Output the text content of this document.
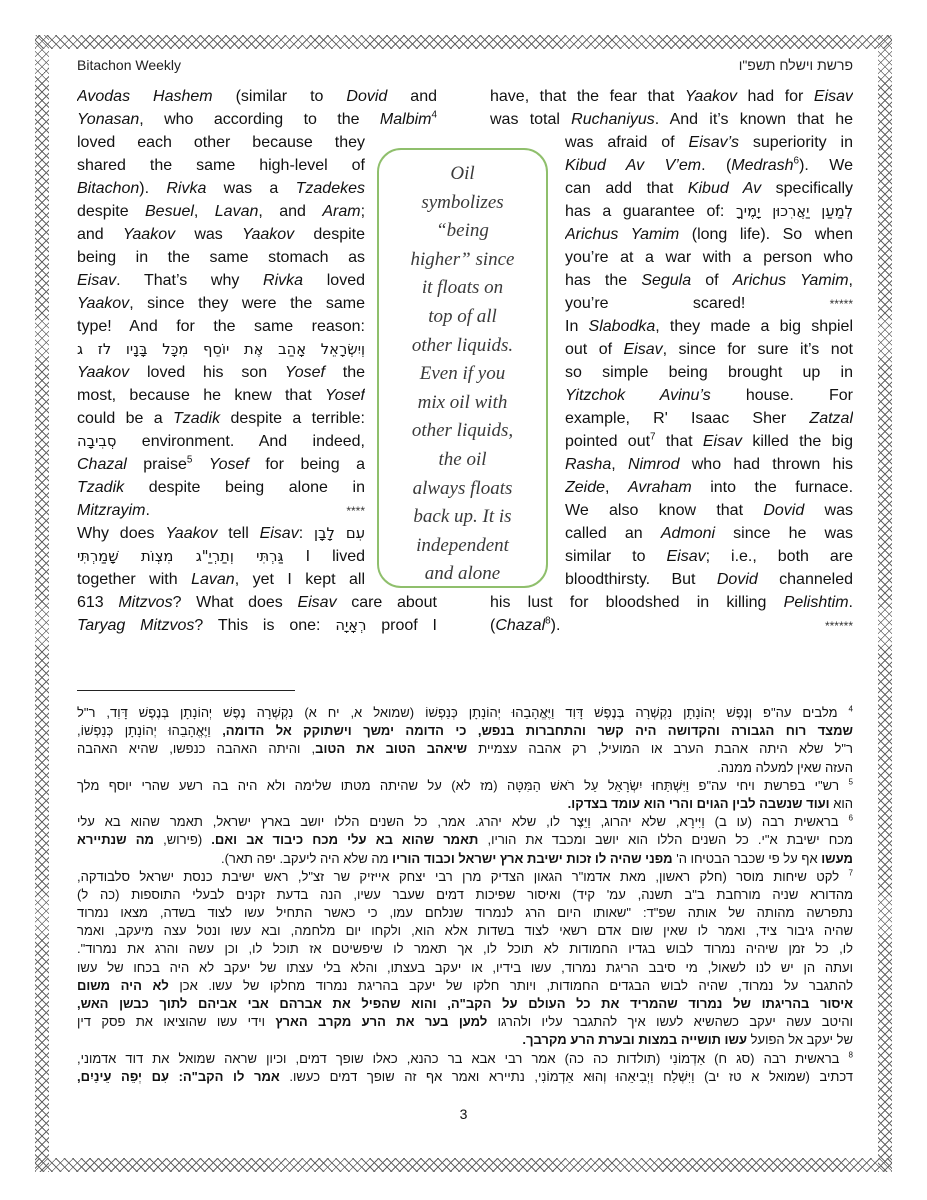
Bitachon Weekly	פרשת וישלח תשפ"ו
Avodas Hashem (similar to Dovid and
Yonasan, who according to the Malbim$^4$
loved each other because they
shared the same high-level of
Bitachon). Rivka was a Tzadekes
despite Besuel, Lavan, and Aram;
and Yaakov was Yaakov despite
being in the same stomach as
Eisav. That’s why Rivka loved
Yaakov, since they were the same
type! And for the same reason:
וְיִשְׂרָאֵל אָהַב אֶת יוֹסֵף מִכָּל בָּנָיו לז ג
Yaakov loved his son Yosef the
most, because he knew that Yosef
could be a Tzadik despite a terrible:
סְבִיבָה environment. And indeed,
Chazal praise$^5$ Yosef for being a
Tzadik despite being alone in
Mitzrayim. ****
Why does Yaakov tell Eisav: עִם לָבָן
גַּרְתִּי וְתַרְיַ"ג מִצְוֹת שָׁמַרְתִּי I lived
together with Lavan, yet I kept all
613 Mitzvos? What does Eisav care about
Taryag Mitzvos? This is one: רְאָיָה proof I
have, that the fear that Yaakov had for Eisav
was total Ruchaniyus. And it’s known that he
was afraid of Eisav’s superiority in
Kibud Av V’em. (Medrash$^6$). We
can add that Kibud Av specifically
has a guarantee of: לְמַעַן יַאֲרִכוּן יָמֶיךָ
Arichus Yamim (long life). So when
you’re at a war with a person who
has the Segula of Arichus Yamim,
you’re scared! *****
In Slabodka, they made a big shpiel
out of Eisav, since for sure it’s not
so simple being brought up in
Yitzchok Avinu’s house. For
example, R' Isaac Sher Zatzal
pointed out$^7$ that Eisav killed the big
Rasha, Nimrod who had thrown his
Zeide, Avraham into the furnace.
We also know that Dovid was
called an Admoni since he was
similar to Eisav; i.e., both are
bloodthirsty. But Dovid channeled
his lust for bloodshed in killing Pelishtim.
(Chazal$^8$). ******
Oil
symbolizes
“being
higher” since
it floats on
top of all
other liquids.
Even if you
mix oil with
other liquids,
the oil
always floats
back up. It is
independent
and alone
$^4$ מלבים עה"פ וְנֶפֶשׁ יְהוֹנָתָן נִקְשְׁרָה בְּנֶפֶשׁ דָּוִד וַיֶּאֱהָבֵהוּ יְהוֹנָתָן כְּנַפְשׁוֹ (שמואל א, יח א) נִקְשְׁרָה נֶפֶשׁ יְהוֹנָתָן בְּנֶפֶשׁ דָּוִד, ר"ל
שמצד רוח הגבורה והקדושה היה קשר והתחברות בנפש, כי הדומה ימשך וישתוקק אל הדומה, וַיֶּאֱהָבֵהוּ יְהוֹנָתָן כְּנַפְשׁוֹ,
ר"ל שלא היתה אהבת הערב או המועיל, רק אהבה עצמיית שיאהב הטוב את הטוב, והיתה האהבה כנפשו, שהיא האהבה
העזה שאין למעלה ממנה.
$^5$ רש"י בפרשת ויחי עה"פ וַיִּשְׁתַּחוּ יִשְׂרָאֵל עַל רֹאשׁ הַמִּטָּה (מז לא) על שהיתה מטתו שלימה ולא היה בה רשע שהרי יוסף מלך
הוא ועוד שנשבה לבין הגוים והרי הוא עומד בצדקו.
$^6$ בראשית רבה (עו ב) וַיִּירָא, שלא יהרוג, וַיֵּצֶר לו, שלא יהרג. אמר, כל השנים הללו יושב בארץ ישראל, תאמר שהוא בא עלי
מכח ישיבת א"י. כל השנים הללו הוא יושב ומכבד את הוריו, תאמר שהוא בא עלי מכח כיבוד אב ואם. (פירוש, מה שנתיירא
מעשו אף על פי שכבר הבטיחו ה' מפני שהיה לו זכות ישיבת ארץ ישראל וכבוד הוריו מה שלא היה ליעקב. יפה תאר).
$^7$ לקט שיחות מוסר (חלק ראשון, מאת אדמו"ר הגאון הצדיק מרן רבי יצחק אייזיק שר זצ"ל, ראש ישיבת כנסת ישראל סלבודקה,
מהדורא שניה מורחבת ב"ב תשנה, עמ' קיד) ואיסור שפיכות דמים שעבר עשיו, הנה בדעת זקנים לבעלי התוספות (כה ל)
נתפרשה מהותה של אותה שפ"ד: "שאותו היום הרג לנמרוד שנלחם עמו, כי כאשר התחיל עשו לצוד בשדה, מצאו נמרוד
שהיה גיבור ציד, ואמר לו שאין שום אדם רשאי לצוד בשדות אלא הוא, ולקחו יום מלחמה, ובא עשו ונטל עצה מיעקב, ואמר
לו, כל זמן שיהיה נמרוד לבוש בגדיו החמודות לא תוכל לו, אך תאמר לו שיפשיטם אז תוכל לו, וכן עשה והרג את נמרוד".
ועתה הן יש לנו לשאול, מי סיבב הריגת נמרוד, עשו בידיו, או יעקב בעצתו, והלא בלי עצתו של יעקב לא היה בכחו של עשו
להתגבר על נמרוד, שהיה לבוש הבגדים החמודות, ויותר חלקו של יעקב בהריגת נמרוד מחלקו של עשו. אכן לא היה משום
איסור בהריגתו של נמרוד שהמריד את כל העולם על הקב"ה, והוא שהפיל את אברהם אבי אביהם לתוך כבשן האש,
והיטב עשה יעקב כשהשיא לעשו איך להתגבר עליו ולהרגו למען בער את הרע מקרב הארץ וידי עשו שהוציאו את פסק דין
של יעקב אל הפועל עשו תושייה במצות ובערת הרע מקרבך.
$^8$ בראשית רבה (סג ח) אַדְמוֹנִי (תולדות כה כה) אמר רבי אבא בר כהנא, כאלו שופך דמים, וכיון שראה שמואל את דוד אדמוני,
דכתיב (שמואל א טז יב) וַיִּשְׁלַח וַיְבִיאֵהוּ וְהוּא אַדְמוֹנִי, נתיירא ואמר אף זה שופך דמים כעשו. אמר לו הקב"ה: עִם יְפֵה עֵינַיִם,
3
